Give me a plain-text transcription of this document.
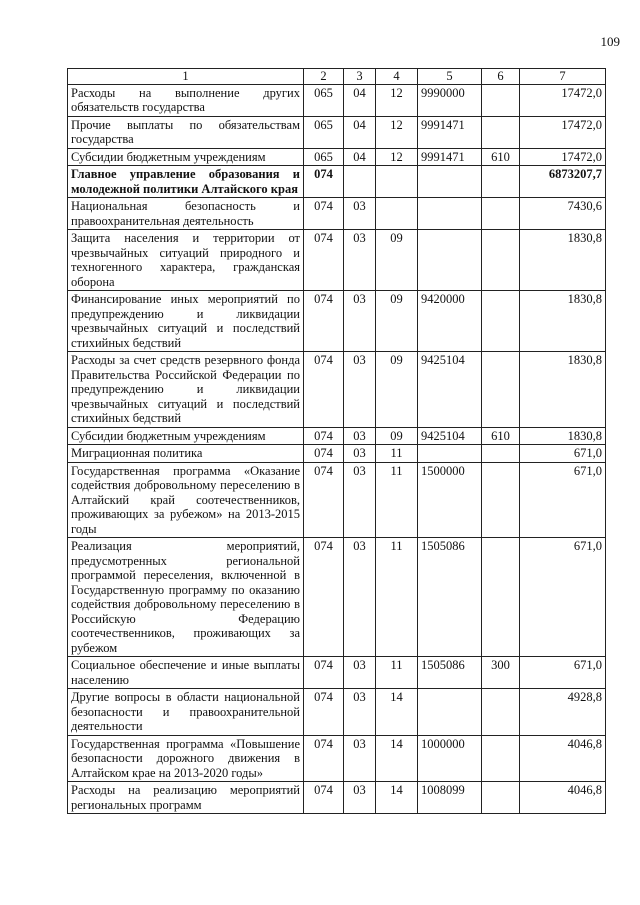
109
1	2	3	4	5	6	7
Расходы на выполнение других обязательств государства	065	04	12	9990000		17472,0
Прочие выплаты по обязательствам государства	065	04	12	9991471		17472,0
Субсидии бюджетным учреждениям	065	04	12	9991471	610	17472,0
Главное управление образования и молодежной политики Алтайского края	074					6873207,7
Национальная безопасность и правоохранительная деятельность	074	03				7430,6
Защита населения и территории от чрезвычайных ситуаций природного и техногенного характера, гражданская оборона	074	03	09			1830,8
Финансирование иных мероприятий по предупреждению и ликвидации чрезвычайных ситуаций и последствий стихийных бедствий	074	03	09	9420000		1830,8
Расходы за счет средств резервного фонда Правительства Российской Федерации по предупреждению и ликвидации чрезвычайных ситуаций и последствий стихийных бедствий	074	03	09	9425104		1830,8
Субсидии бюджетным учреждениям	074	03	09	9425104	610	1830,8
Миграционная политика	074	03	11			671,0
Государственная программа «Оказание содействия добровольному переселению в Алтайский край соотечественников, проживающих за рубежом» на 2013-2015 годы	074	03	11	1500000		671,0
Реализация мероприятий, предусмотренных региональной программой переселения, включенной в Государственную программу по оказанию содействия добровольному переселению в Российскую Федерацию соотечественников, проживающих за рубежом	074	03	11	1505086		671,0
Социальное обеспечение и иные выплаты населению	074	03	11	1505086	300	671,0
Другие вопросы в области национальной безопасности и правоохранительной деятельности	074	03	14			4928,8
Государственная программа «Повышение безопасности дорожного движения в Алтайском крае на 2013-2020 годы»	074	03	14	1000000		4046,8
Расходы на реализацию мероприятий региональных программ	074	03	14	1008099		4046,8
